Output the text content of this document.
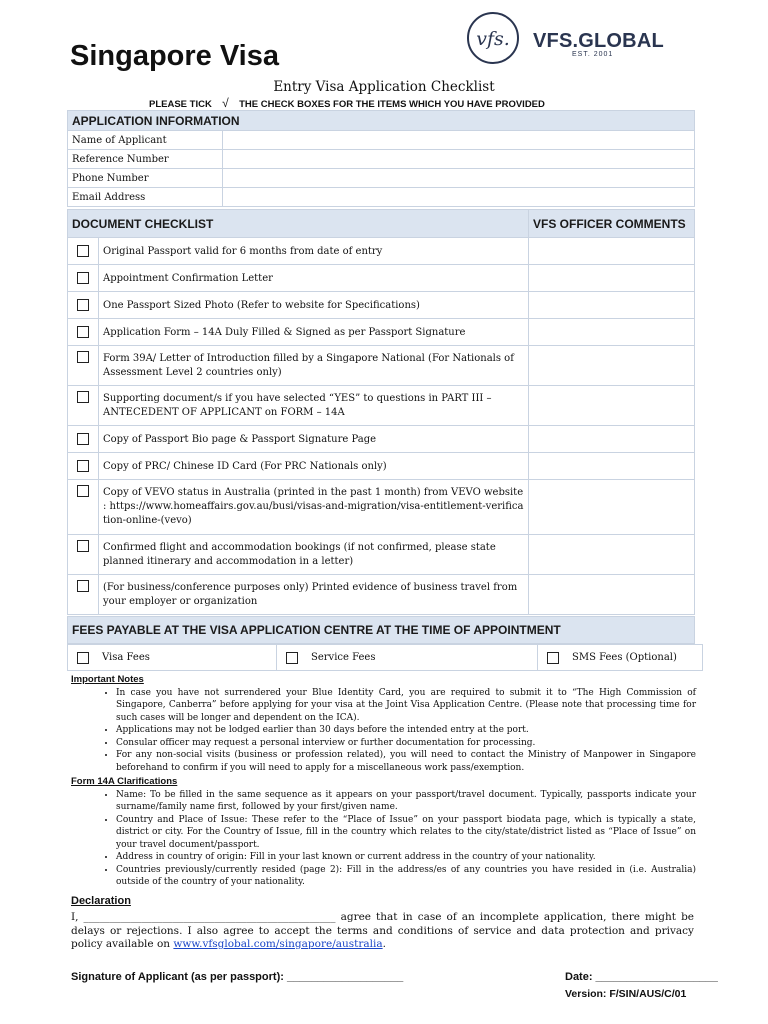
Singapore Visa
vfs. VFS.GLOBAL
EST. 2001
Entry Visa Application Checklist
PLEASE TICK √ THE CHECK BOXES FOR THE ITEMS WHICH YOU HAVE PROVIDED
APPLICATION INFORMATION	
Name of Applicant	
Reference Number	
Phone Number	
Email Address	
DOCUMENT CHECKLIST		VFS OFFICER COMMENTS
	Original Passport valid for 6 months from date of entry	
	Appointment Confirmation Letter	
	One Passport Sized Photo (Refer to website for Specifications)	
	Application Form – 14A Duly Filled & Signed as per Passport Signature	
	Form 39A/ Letter of Introduction filled by a Singapore National (For Nationals of Assessment Level 2 countries only)	
	Supporting document/s if you have selected “YES” to questions in PART III – ANTECEDENT OF APPLICANT on FORM – 14A	
	Copy of Passport Bio page & Passport Signature Page	
	Copy of PRC/ Chinese ID Card (For PRC Nationals only)	
	Copy of VEVO status in Australia (printed in the past 1 month) from VEVO website : https://www.homeaffairs.gov.au/busi/visas-and-migration/visa-entitlement-verification-online-(vevo)	
	Confirmed flight and accommodation bookings (if not confirmed, please state planned itinerary and accommodation in a letter)	
	(For business/conference purposes only) Printed evidence of business travel from your employer or organization	
FEES PAYABLE AT THE VISA APPLICATION CENTRE AT THE TIME OF APPOINTMENT
	Visa Fees		Service Fees		SMS Fees (Optional)
Important Notes
• In case you have not surrendered your Blue Identity Card, you are required to submit it to “The High Commission of Singapore, Canberra” before applying for your visa at the Joint Visa Application Centre. (Please note that processing time for such cases will be longer and dependent on the ICA).
• Applications may not be lodged earlier than 30 days before the intended entry at the port.
• Consular officer may request a personal interview or further documentation for processing.
• For any non-social visits (business or profession related), you will need to contact the Ministry of Manpower in Singapore beforehand to confirm if you will need to apply for a miscellaneous work pass/exemption.
Form 14A Clarifications
• Name: To be filled in the same sequence as it appears on your passport/travel document. Typically, passports indicate your surname/family name first, followed by your first/given name.
• Country and Place of Issue: These refer to the “Place of Issue” on your passport biodata page, which is typically a state, district or city. For the Country of Issue, fill in the country which relates to the city/state/district listed as “Place of Issue” on your travel document/passport.
• Address in country of origin: Fill in your last known or current address in the country of your nationality.
• Countries previously/currently resided (page 2): Fill in the address/es of any countries you have resided in (i.e. Australia) outside of the country of your nationality.
Declaration
I, ________________________________________________ agree that in case of an incomplete application, there might be delays or rejections. I also agree to accept the terms and conditions of service and data protection and privacy policy available on www.vfsglobal.com/singapore/australia.
Signature of Applicant (as per passport): ___________________	Date: ____________________
Version: F/SIN/AUS/C/01
